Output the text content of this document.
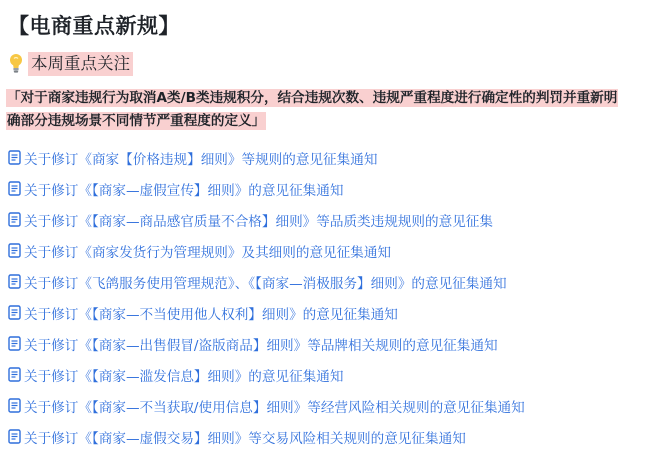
【电商重点新规】
本周重点关注
「对于商家违规行为取消A类/B类违规积分，结合违规次数、违规严重程度进行确定性的判罚并重新明确部分违规场景不同情节严重程度的定义」
关于修订《商家【价格违规】细则》等规则的意见征集通知
关于修订《【商家—虚假宣传】细则》的意见征集通知
关于修订《【商家—商品感官质量不合格】细则》等品质类违规规则的意见征集
关于修订《商家发货行为管理规则》及其细则的意见征集通知
关于修订《飞鸽服务使用管理规范》、《【商家—消极服务】细则》的意见征集通知
关于修订《【商家—不当使用他人权利】细则》的意见征集通知
关于修订《【商家—出售假冒/盗版商品】细则》等品牌相关规则的意见征集通知
关于修订《【商家—滥发信息】细则》的意见征集通知
关于修订《【商家—不当获取/使用信息】细则》等经营风险相关规则的意见征集通知
关于修订《【商家—虚假交易】细则》等交易风险相关规则的意见征集通知
